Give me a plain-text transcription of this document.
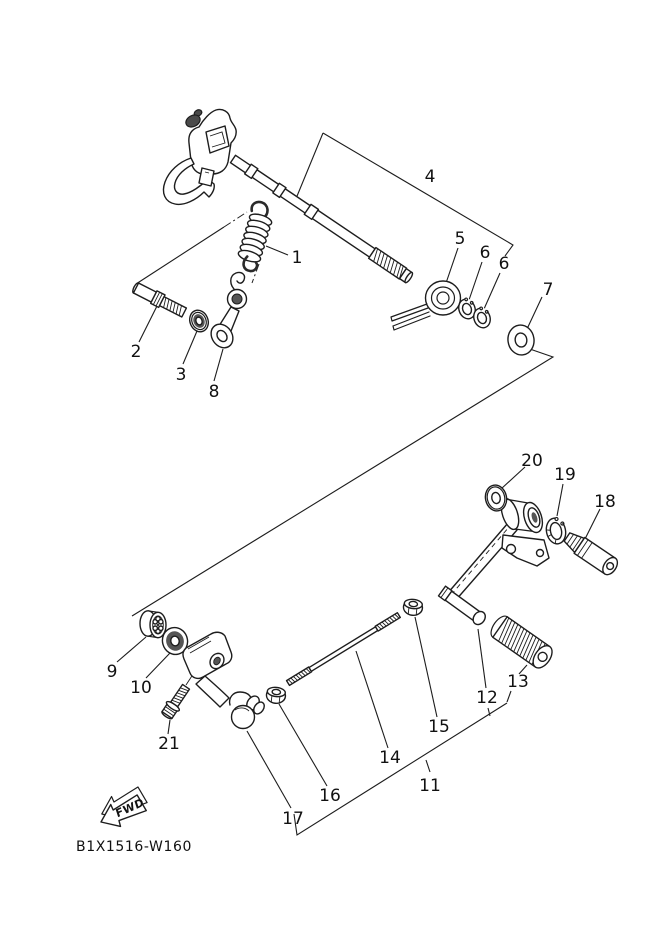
1
2
3
4
5
6
6
7
8
9
10
11
12
13
14
15
16
17
18
19
20
21
FWD
B1X1516-W160
